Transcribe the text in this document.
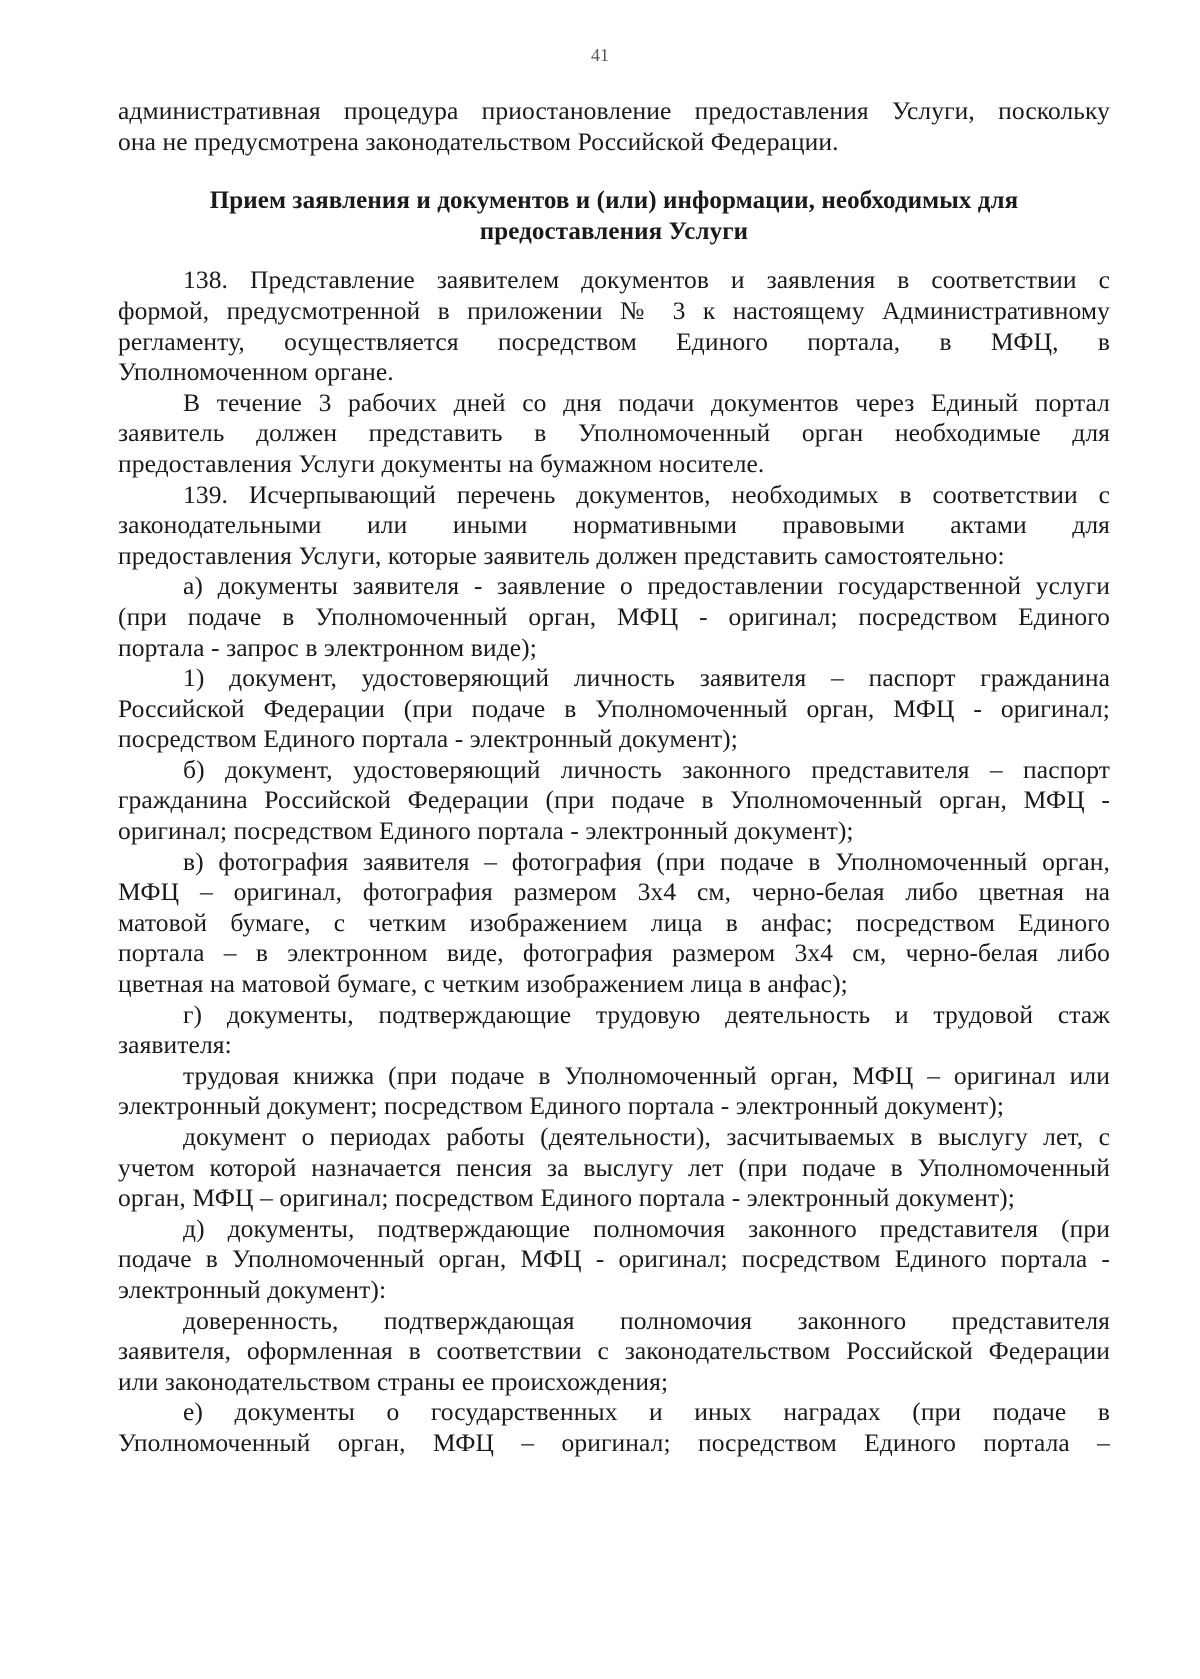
41
административная процедура приостановление предоставления Услуги, поскольку
она не предусмотрена законодательством Российской Федерации.
Прием заявления и документов и (или) информации, необходимых для
предоставления Услуги
138. Представление заявителем документов и заявления в соответствии с
формой, предусмотренной в приложении № 3 к настоящему Административному
регламенту, осуществляется посредством Единого портала, в МФЦ, в
Уполномоченном органе.
В течение 3 рабочих дней со дня подачи документов через Единый портал
заявитель должен представить в Уполномоченный орган необходимые для
предоставления Услуги документы на бумажном носителе.
139. Исчерпывающий перечень документов, необходимых в соответствии с
законодательными или иными нормативными правовыми актами для
предоставления Услуги, которые заявитель должен представить самостоятельно:
а) документы заявителя - заявление о предоставлении государственной услуги
(при подаче в Уполномоченный орган, МФЦ - оригинал; посредством Единого
портала - запрос в электронном виде);
1) документ, удостоверяющий личность заявителя – паспорт гражданина
Российской Федерации (при подаче в Уполномоченный орган, МФЦ - оригинал;
посредством Единого портала - электронный документ);
б) документ, удостоверяющий личность законного представителя – паспорт
гражданина Российской Федерации (при подаче в Уполномоченный орган, МФЦ -
оригинал; посредством Единого портала - электронный документ);
в) фотография заявителя – фотография (при подаче в Уполномоченный орган,
МФЦ – оригинал, фотография размером 3х4 см, черно-белая либо цветная на
матовой бумаге, с четким изображением лица в анфас; посредством Единого
портала – в электронном виде, фотография размером 3х4 см, черно-белая либо
цветная на матовой бумаге, с четким изображением лица в анфас);
г) документы, подтверждающие трудовую деятельность и трудовой стаж
заявителя:
трудовая книжка (при подаче в Уполномоченный орган, МФЦ – оригинал или
электронный документ; посредством Единого портала - электронный документ);
документ о периодах работы (деятельности), засчитываемых в выслугу лет, с
учетом которой назначается пенсия за выслугу лет (при подаче в Уполномоченный
орган, МФЦ – оригинал; посредством Единого портала - электронный документ);
д) документы, подтверждающие полномочия законного представителя (при
подаче в Уполномоченный орган, МФЦ - оригинал; посредством Единого портала -
электронный документ):
доверенность, подтверждающая полномочия законного представителя
заявителя, оформленная в соответствии с законодательством Российской Федерации
или законодательством страны ее происхождения;
е) документы о государственных и иных наградах (при подаче в
Уполномоченный орган, МФЦ – оригинал; посредством Единого портала –
